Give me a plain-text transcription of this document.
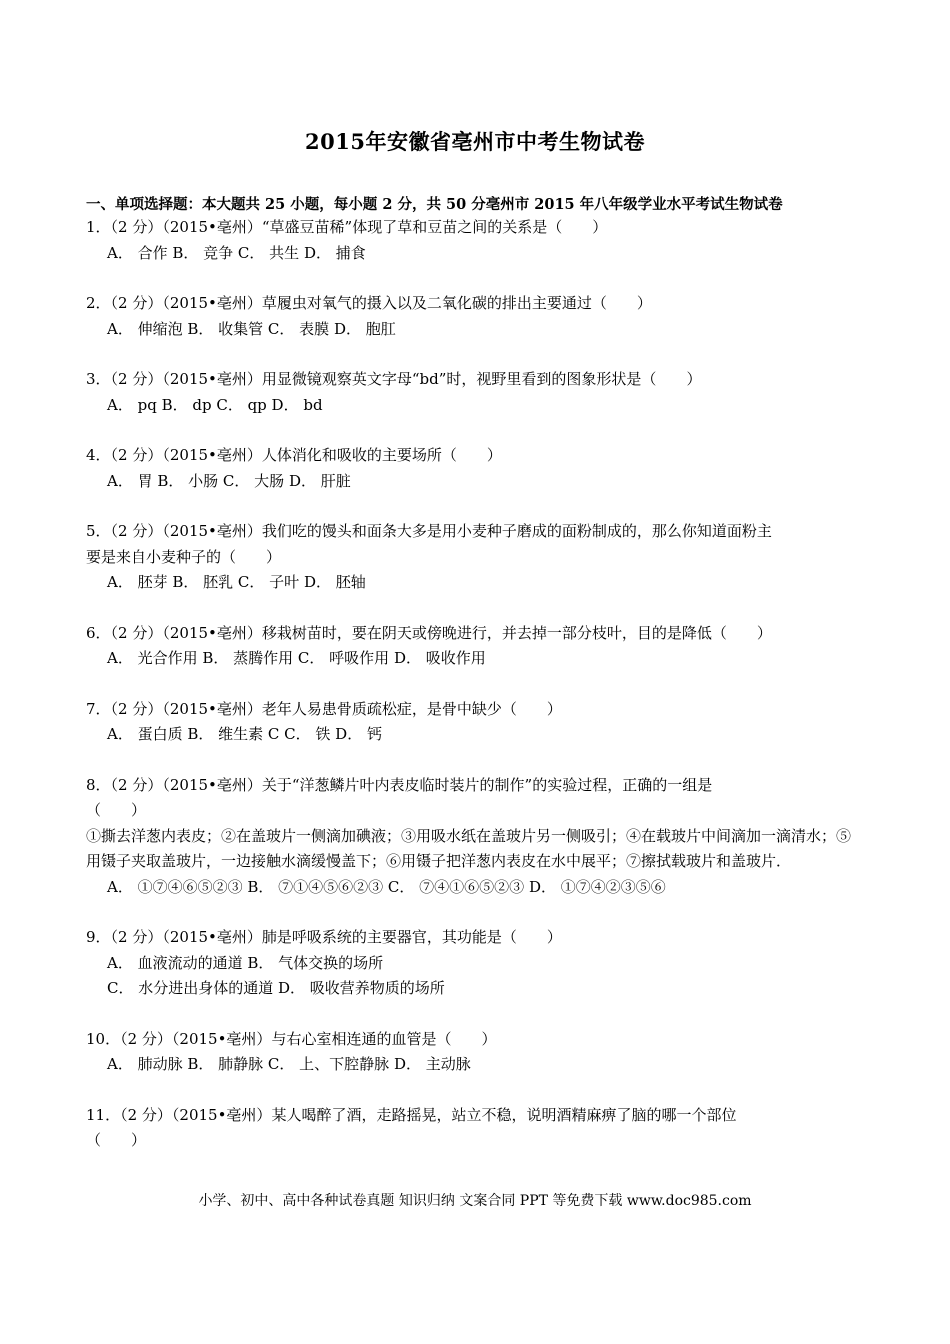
2015年安徽省亳州市中考生物试卷
一、单项选择题：本大题共 25 小题，每小题 2 分，共 50 分亳州市 2015 年八年级学业水平考试生物试卷
1．（2 分）（2015•亳州）“草盛豆苗稀”体现了草和豆苗之间的关系是（ ）
A． 合作 B． 竞争 C． 共生 D． 捕食
2．（2 分）（2015•亳州）草履虫对氧气的摄入以及二氧化碳的排出主要通过（ ）
A． 伸缩泡 B． 收集管 C． 表膜 D． 胞肛
3．（2 分）（2015•亳州）用显微镜观察英文字母“bd”时，视野里看到的图象形状是（ ）
A． pq B． dp C． qp D． bd
4．（2 分）（2015•亳州）人体消化和吸收的主要场所（ ）
A． 胃 B． 小肠 C． 大肠 D． 肝脏
5．（2 分）（2015•亳州）我们吃的馒头和面条大多是用小麦种子磨成的面粉制成的，那么你知道面粉主
要是来自小麦种子的（ ）
A． 胚芽 B． 胚乳 C． 子叶 D． 胚轴
6．（2 分）（2015•亳州）移栽树苗时，要在阴天或傍晚进行，并去掉一部分枝叶，目的是降低（ ）
A． 光合作用 B． 蒸腾作用 C． 呼吸作用 D． 吸收作用
7．（2 分）（2015•亳州）老年人易患骨质疏松症，是骨中缺少（ ）
A． 蛋白质 B． 维生素 C C． 铁 D． 钙
8．（2 分）（2015•亳州）关于“洋葱鳞片叶内表皮临时装片的制作”的实验过程，正确的一组是
（ ）
①撕去洋葱内表皮；②在盖玻片一侧滴加碘液；③用吸水纸在盖玻片另一侧吸引；④在载玻片中间滴加一滴清水；⑤用镊子夹取盖玻片，一边接触水滴缓慢盖下；⑥用镊子把洋葱内表皮在水中展平；⑦擦拭载玻片和盖玻片．
A． ①⑦④⑥⑤②③ B． ⑦①④⑤⑥②③ C． ⑦④①⑥⑤②③ D． ①⑦④②③⑤⑥
9．（2 分）（2015•亳州）肺是呼吸系统的主要器官，其功能是（ ）
A． 血液流动的通道 B． 气体交换的场所
C． 水分进出身体的通道 D． 吸收营养物质的场所
10．（2 分）（2015•亳州）与右心室相连通的血管是（ ）
A． 肺动脉 B． 肺静脉 C． 上、下腔静脉 D． 主动脉
11．（2 分）（2015•亳州）某人喝醉了酒，走路摇晃，站立不稳，说明酒精麻痹了脑的哪一个部位
（ ）
小学、初中、高中各种试卷真题 知识归纳 文案合同 PPT 等免费下载 www.doc985.com
